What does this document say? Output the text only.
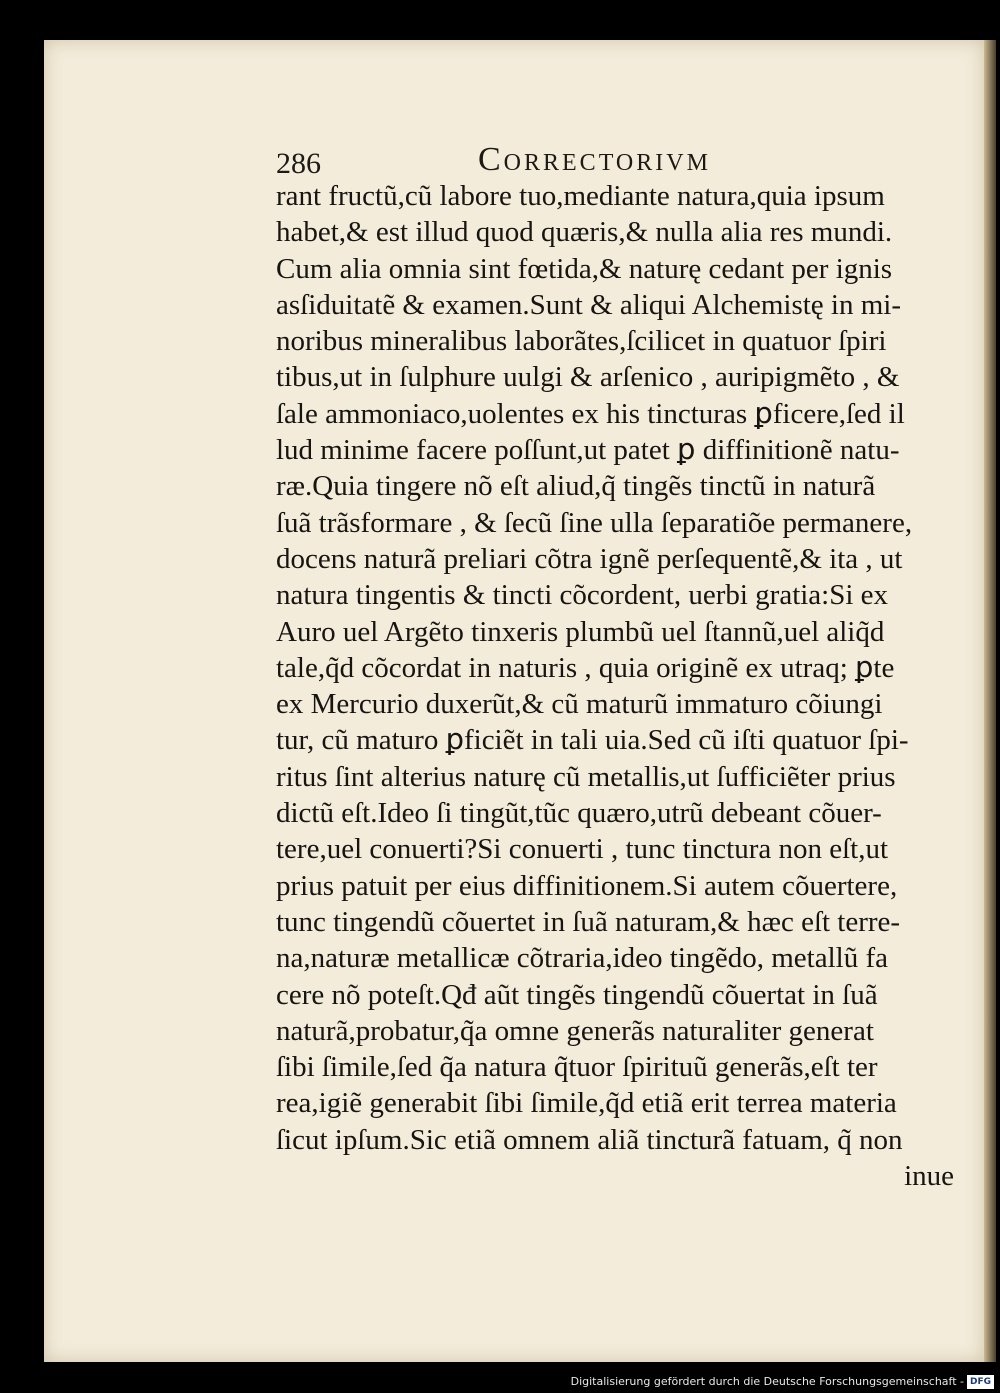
286	Correctorivm
rant fructũ,cũ labore tuo,mediante natura,quia ipsum
habet,& est illud quod quæris,& nulla alia res mundi.
Cum alia omnia sint fœtida,& naturę cedant per ignis
asſiduitatẽ & examen.Sunt & aliqui Alchemistę in mi-
noribus mineralibus laborãtes,ſcilicet in quatuor ſpiri
tibus,ut in ſulphure uulgi & arſenico , auripigmẽto , &
ſale ammoniaco,uolentes ex his tincturas ꝑficere,ſed il
lud minime facere poſſunt,ut patet ꝑ diffinitionẽ natu-
ræ.Quia tingere nõ eſt aliud,q̃ tingẽs tinctũ in naturã
ſuã trãsformare , & ſecũ ſine ulla ſeparatiõe permanere,
docens naturã preliari cõtra ignẽ perſequentẽ,& ita , ut
natura tingentis & tincti cõcordent, uerbi gratia:Si ex
Auro uel Argẽto tinxeris plumbũ uel ſtannũ,uel aliq̃d
tale,q̃d cõcordat in naturis , quia originẽ ex utraq; ꝑte
ex Mercurio duxerũt,& cũ maturũ immaturo cõiungi
tur, cũ maturo ꝑficiẽt in tali uia.Sed cũ iſti quatuor ſpi-
ritus ſint alterius naturę cũ metallis,ut ſufficiẽter prius
dictũ eſt.Ideo ſi tingũt,tũc quæro,utrũ debeant cõuer-
tere,uel conuerti?Si conuerti , tunc tinctura non eſt,ut
prius patuit per eius diffinitionem.Si autem cõuertere,
tunc tingendũ cõuertet in ſuã naturam,& hæc eſt terre-
na,naturæ metallicæ cõtraria,ideo tingẽdo, metallũ fa
cere nõ poteſt.Qđ aũt tingẽs tingendũ cõuertat in ſuã
naturã,probatur,q̃a omne generãs naturaliter generat
ſibi ſimile,ſed q̃a natura q̃tuor ſpirituũ generãs,eſt ter
rea,igiẽ generabit ſibi ſimile,q̃d etiã erit terrea materia
ſicut ipſum.Sic etiã omnem aliã tincturã fatuam, q̃ non
inue
Digitalisierung gefördert durch die Deutsche Forschungsgemeinschaft - DFG
